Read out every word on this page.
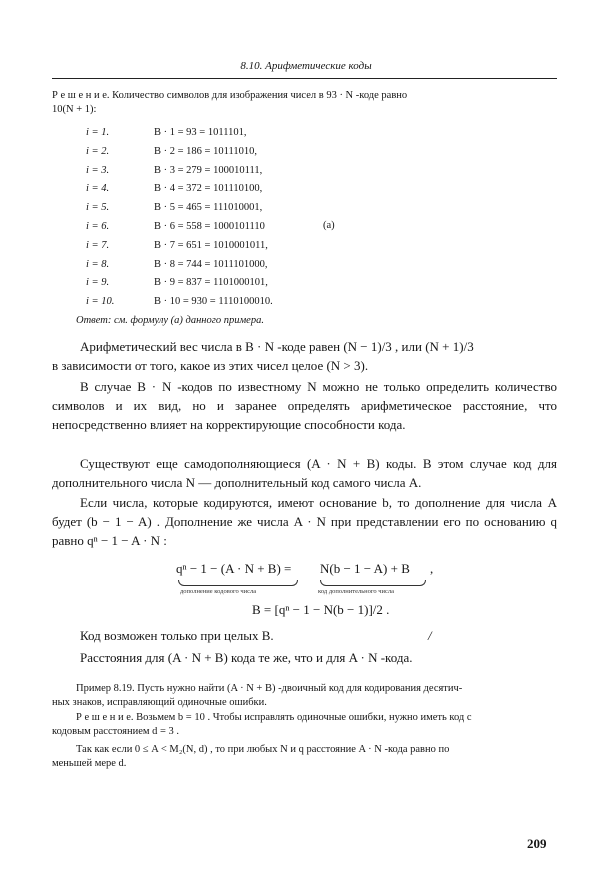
8.10. Арифметические коды
Р е ш е н и е. Количество символов для изображения чисел в 93 · N -коде равно
10(N + 1):
i = 1.	B · 1 = 93 = 1011101,
i = 2.	B · 2 = 186 = 10111010,
i = 3.	B · 3 = 279 = 100010111,
i = 4.	B · 4 = 372 = 101110100,
i = 5.	B · 5 = 465 = 111010001,
i = 6.	B · 6 = 558 = 1000101110
i = 7.	B · 7 = 651 = 1010001011,
i = 8.	B · 8 = 744 = 1011101000,
i = 9.	B · 9 = 837 = 1101000101,
i = 10.	B · 10 = 930 = 1110100010.
(а)
Ответ: см. формулу (а) данного примера.
Арифметический вес числа в B · N -коде равен (N − 1)/3 , или (N + 1)/3
в зависимости от того, какое из этих чисел целое (N > 3).
В случае B · N -кодов по известному N можно не только определить количество символов и их вид, но и заранее определять арифметическое расстояние, что непосредственно влияет на корректирующие способности кода.
Существуют еще самодополняющиеся (A · N + B) коды. В этом случае код для дополнительного числа N — дополнительный код самого числа A.
Если числа, которые кодируются, имеют основание b, то дополнение для числа A будет (b − 1 − A) . Дополнение же числа A · N при представлении его по основанию q равно qⁿ − 1 − A · N :
qⁿ − 1 − (A · N + B) = N(b − 1 − A) + B ,
дополнение кодового числа	код дополнительного числа
B = [qⁿ − 1 − N(b − 1)]/2 .
Код возможен только при целых B.	/
Расстояния для (A · N + B) кода те же, что и для A · N -кода.
Пример 8.19. Пусть нужно найти (A · N + B) -двоичный код для кодирования десятич-
ных знаков, исправляющий одиночные ошибки.
Р е ш е н и е. Возьмем b = 10 . Чтобы исправлять одиночные ошибки, нужно иметь код с
кодовым расстоянием d = 3 .
Так как если 0 ≤ A < M₂(N, d) , то при любых N и q расстояние A · N -кода равно по
меньшей мере d.
209
